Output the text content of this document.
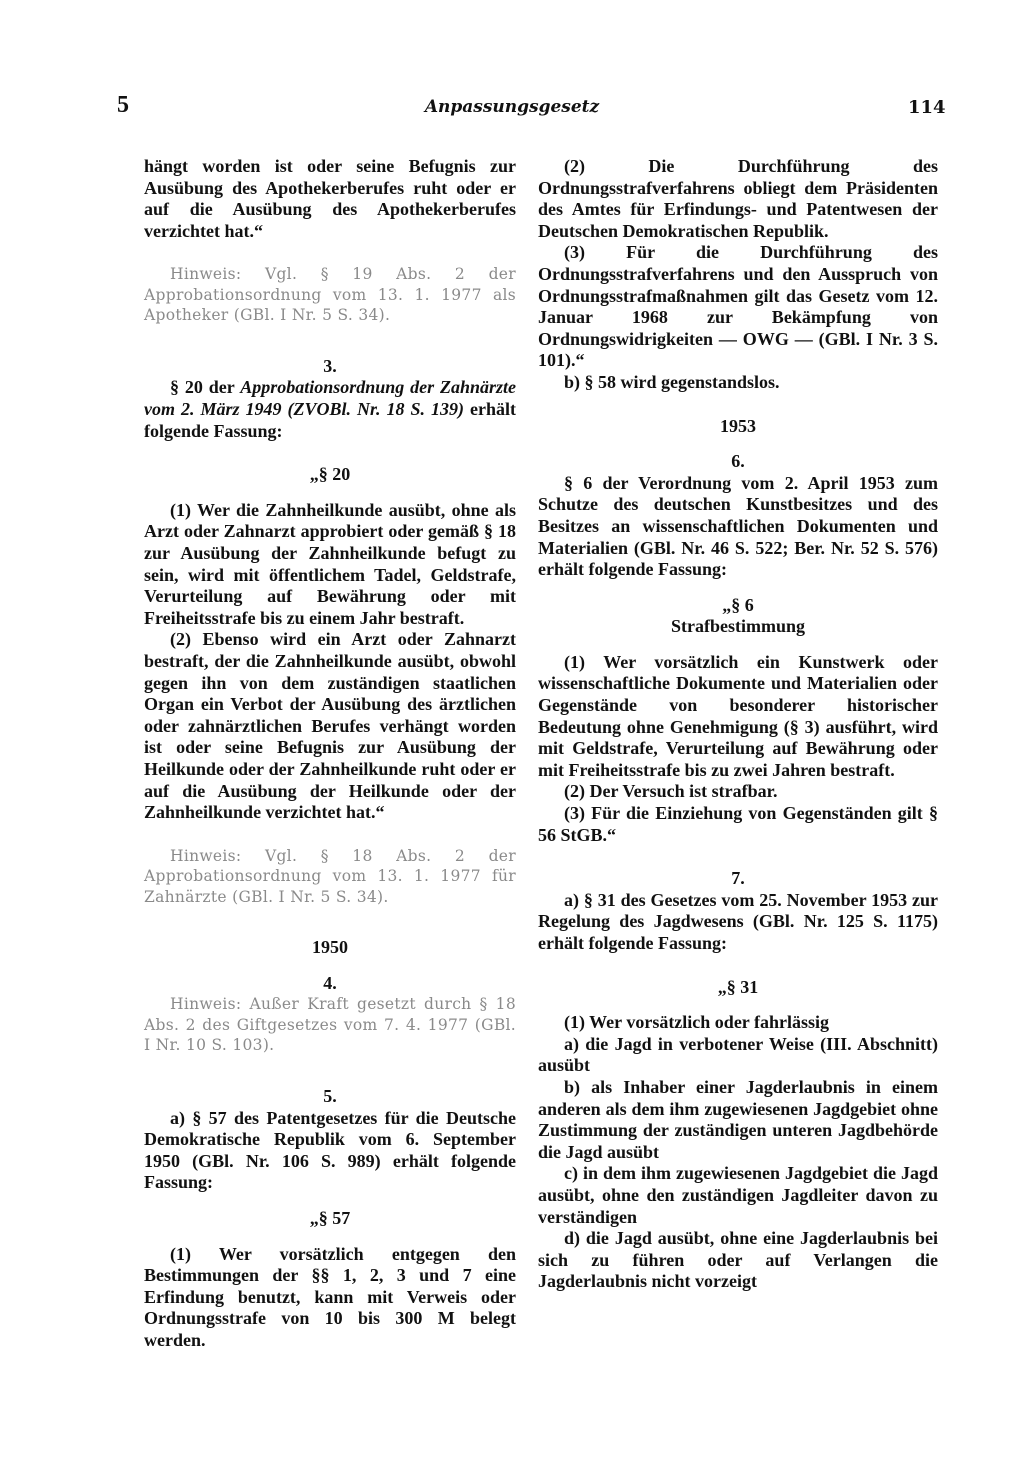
5	Anpassungsgesetz	114

hängt worden ist oder seine Befugnis zur Ausübung des Apothekerberufes ruht oder er auf die Ausübung des Apothekerberufes verzichtet hat.“

Hinweis: Vgl. § 19 Abs. 2 der Approbationsordnung vom 13. 1. 1977 als Apotheker (GBl. I Nr. 5 S. 34).

3.

§ 20 der Approbationsordnung der Zahnärzte vom 2. März 1949 (ZVOBl. Nr. 18 S. 139) erhält folgende Fassung:

„§ 20

(1) Wer die Zahnheilkunde ausübt, ohne als Arzt oder Zahnarzt approbiert oder gemäß § 18 zur Ausübung der Zahnheilkunde befugt zu sein, wird mit öffentlichem Tadel, Geldstrafe, Verurteilung auf Bewährung oder mit Freiheitsstrafe bis zu einem Jahr bestraft.

(2) Ebenso wird ein Arzt oder Zahnarzt bestraft, der die Zahnheilkunde ausübt, obwohl gegen ihn von dem zuständigen staatlichen Organ ein Verbot der Ausübung des ärztlichen oder zahnärztlichen Berufes verhängt worden ist oder seine Befugnis zur Ausübung der Heilkunde oder der Zahnheilkunde ruht oder er auf die Ausübung der Heilkunde oder der Zahnheilkunde verzichtet hat.“

Hinweis: Vgl. § 18 Abs. 2 der Approbationsordnung vom 13. 1. 1977 für Zahnärzte (GBl. I Nr. 5 S. 34).

1950

4.

Hinweis: Außer Kraft gesetzt durch § 18 Abs. 2 des Giftgesetzes vom 7. 4. 1977 (GBl. I Nr. 10 S. 103).

5.

a) § 57 des Patentgesetzes für die Deutsche Demokratische Republik vom 6. September 1950 (GBl. Nr. 106 S. 989) erhält folgende Fassung:

„§ 57

(1) Wer vorsätzlich entgegen den Bestimmungen der §§ 1, 2, 3 und 7 eine Erfindung benutzt, kann mit Verweis oder Ordnungsstrafe von 10 bis 300 M belegt werden.

(2) Die Durchführung des Ordnungsstrafverfahrens obliegt dem Präsidenten des Amtes für Erfindungs- und Patentwesen der Deutschen Demokratischen Republik.

(3) Für die Durchführung des Ordnungsstrafverfahrens und den Ausspruch von Ordnungsstrafmaßnahmen gilt das Gesetz vom 12. Januar 1968 zur Bekämpfung von Ordnungswidrigkeiten — OWG — (GBl. I Nr. 3 S. 101).“

b) § 58 wird gegenstandslos.

1953

6.

§ 6 der Verordnung vom 2. April 1953 zum Schutze des deutschen Kunstbesitzes und des Besitzes an wissenschaftlichen Dokumenten und Materialien (GBl. Nr. 46 S. 522; Ber. Nr. 52 S. 576) erhält folgende Fassung:

„§ 6

Strafbestimmung

(1) Wer vorsätzlich ein Kunstwerk oder wissenschaftliche Dokumente und Materialien oder Gegenstände von besonderer historischer Bedeutung ohne Genehmigung (§ 3) ausführt, wird mit Geldstrafe, Verurteilung auf Bewährung oder mit Freiheitsstrafe bis zu zwei Jahren bestraft.

(2) Der Versuch ist strafbar.

(3) Für die Einziehung von Gegenständen gilt § 56 StGB.“

7.

a) § 31 des Gesetzes vom 25. November 1953 zur Regelung des Jagdwesens (GBl. Nr. 125 S. 1175) erhält folgende Fassung:

„§ 31

(1) Wer vorsätzlich oder fahrlässig

a) die Jagd in verbotener Weise (III. Abschnitt) ausübt

b) als Inhaber einer Jagderlaubnis in einem anderen als dem ihm zugewiesenen Jagdgebiet ohne Zustimmung der zuständigen unteren Jagdbehörde die Jagd ausübt

c) in dem ihm zugewiesenen Jagdgebiet die Jagd ausübt, ohne den zuständigen Jagdleiter davon zu verständigen

d) die Jagd ausübt, ohne eine Jagderlaubnis bei sich zu führen oder auf Verlangen die Jagderlaubnis nicht vorzeigt
